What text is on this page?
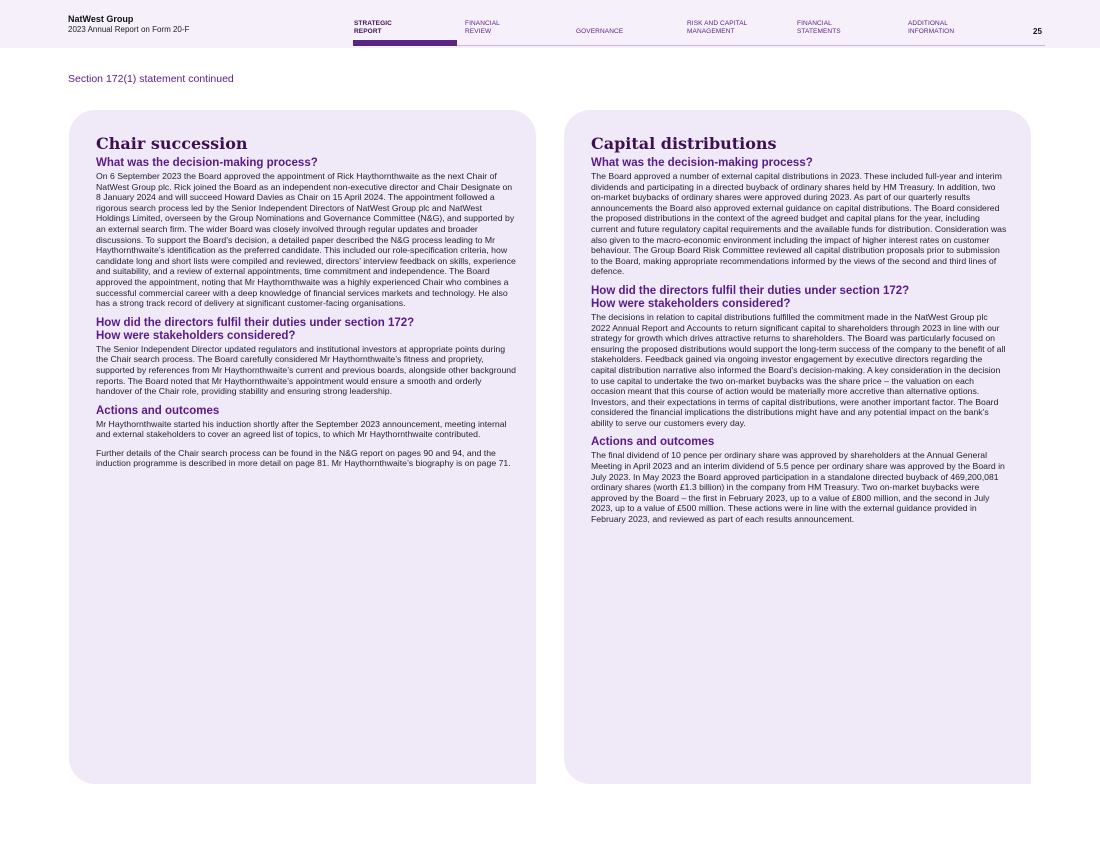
NatWest Group
2023 Annual Report on Form 20-F
STRATEGIC
REPORT
FINANCIAL
REVIEW	GOVERNANCE
RISK AND CAPITAL
MANAGEMENT
FINANCIAL
STATEMENTS
ADDITIONAL
INFORMATION	25
Section 172(1) statement continued
Chair succession
What was the decision-making process?

On 6 September 2023 the Board approved the appointment of Rick Haythornthwaite as the next Chair of NatWest Group plc. Rick joined the Board as an independent non-executive director and Chair Designate on 8 January 2024 and will succeed Howard Davies as Chair on 15 April 2024. The appointment followed a rigorous search process led by the Senior Independent Directors of NatWest Group plc and NatWest Holdings Limited, overseen by the Group Nominations and Governance Committee (N&G), and supported by an external search firm. The wider Board was closely involved through regular updates and broader discussions. To support the Board’s decision, a detailed paper described the N&G process leading to Mr Haythornthwaite’s identification as the preferred candidate. This included our role-specification criteria, how candidate long and short lists were compiled and reviewed, directors’ interview feedback on skills, experience and suitability, and a review of external appointments, time commitment and independence. The Board approved the appointment, noting that Mr Haythornthwaite was a highly experienced Chair who combines a successful commercial career with a deep knowledge of financial services markets and technology. He also has a strong track record of delivery at significant customer-facing organisations.

How did the directors fulfil their duties under section 172?
How were stakeholders considered?

The Senior Independent Director updated regulators and institutional investors at appropriate points during the Chair search process. The Board carefully considered Mr Haythornthwaite’s fitness and propriety, supported by references from Mr Haythornthwaite’s current and previous boards, alongside other background reports. The Board noted that Mr Haythornthwaite’s appointment would ensure a smooth and orderly handover of the Chair role, providing stability and ensuring strong leadership.

Actions and outcomes

Mr Haythornthwaite started his induction shortly after the September 2023 announcement, meeting internal and external stakeholders to cover an agreed list of topics, to which Mr Haythornthwaite contributed.

Further details of the Chair search process can be found in the N&G report on pages 90 and 94, and the induction programme is described in more detail on page 81. Mr Haythornthwaite’s biography is on page 71.

Capital distributions
What was the decision-making process?

The Board approved a number of external capital distributions in 2023. These included full-year and interim dividends and participating in a directed buyback of ordinary shares held by HM Treasury. In addition, two on-market buybacks of ordinary shares were approved during 2023. As part of our quarterly results announcements the Board also approved external guidance on capital distributions. The Board considered the proposed distributions in the context of the agreed budget and capital plans for the year, including current and future regulatory capital requirements and the available funds for distribution. Consideration was also given to the macro-economic environment including the impact of higher interest rates on customer behaviour. The Group Board Risk Committee reviewed all capital distribution proposals prior to submission to the Board, making appropriate recommendations informed by the views of the second and third lines of defence.

How did the directors fulfil their duties under section 172?
How were stakeholders considered?

The decisions in relation to capital distributions fulfilled the commitment made in the NatWest Group plc 2022 Annual Report and Accounts to return significant capital to shareholders through 2023 in line with our strategy for growth which drives attractive returns to shareholders. The Board was particularly focused on ensuring the proposed distributions would support the long-term success of the company to the benefit of all stakeholders. Feedback gained via ongoing investor engagement by executive directors regarding the capital distribution narrative also informed the Board’s decision-making. A key consideration in the decision to use capital to undertake the two on-market buybacks was the share price – the valuation on each occasion meant that this course of action would be materially more accretive than alternative options. Investors, and their expectations in terms of capital distributions, were another important factor. The Board considered the financial implications the distributions might have and any potential impact on the bank’s ability to serve our customers every day.

Actions and outcomes

The final dividend of 10 pence per ordinary share was approved by shareholders at the Annual General Meeting in April 2023 and an interim dividend of 5.5 pence per ordinary share was approved by the Board in July 2023. In May 2023 the Board approved participation in a standalone directed buyback of 469,200,081 ordinary shares (worth £1.3 billion) in the company from HM Treasury. Two on-market buybacks were approved by the Board – the first in February 2023, up to a value of £800 million, and the second in July 2023, up to a value of £500 million. These actions were in line with the external guidance provided in February 2023, and reviewed as part of each results announcement.
